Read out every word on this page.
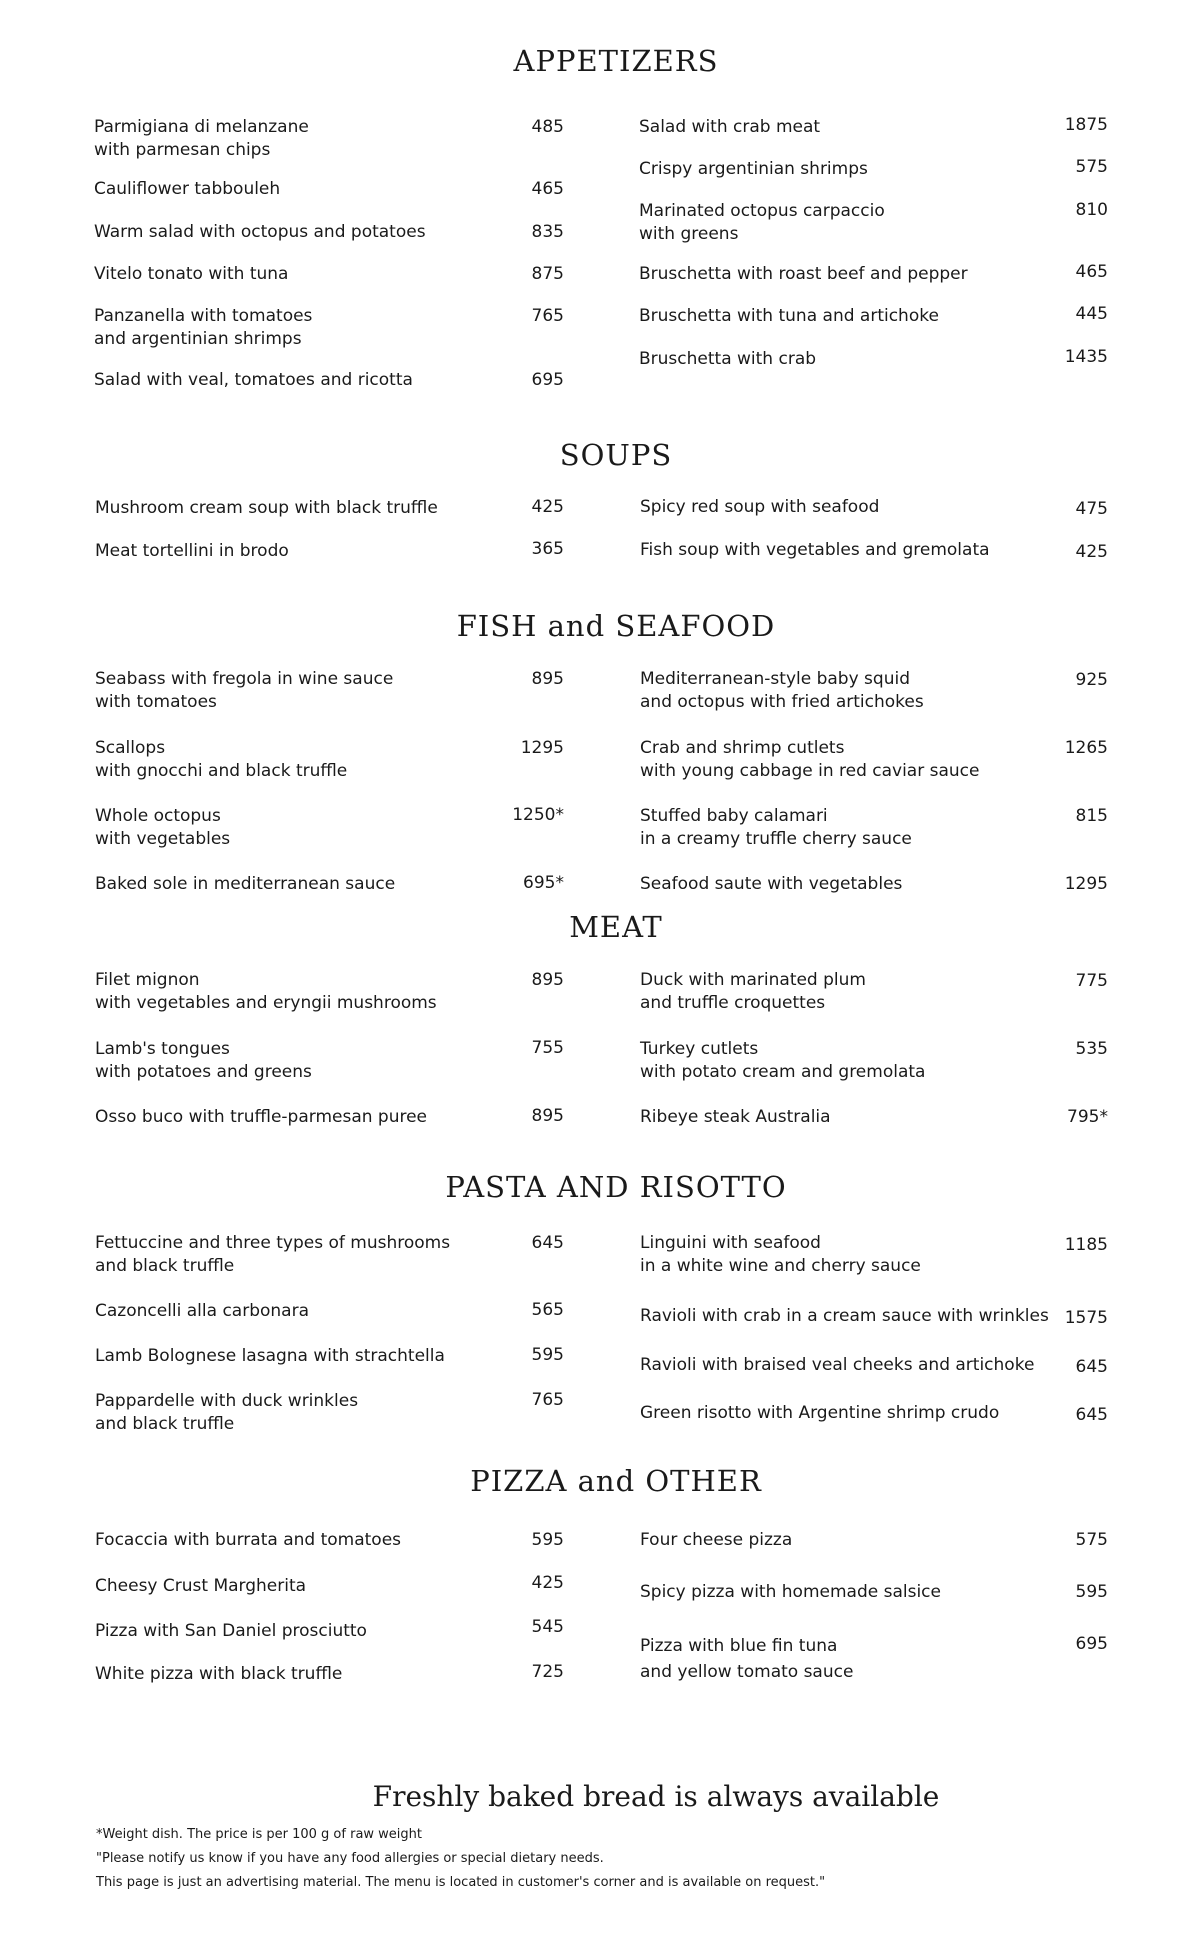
APPETIZERS
Parmigiana di melanzane
with parmesan chips
485
Cauliflower tabbouleh	465
Warm salad with octopus and potatoes	835
Vitelo tonato with tuna	875
Panzanella with tomatoes
and argentinian shrimps
765
Salad with veal, tomatoes and ricotta	695
Salad with crab meat	1875
Crispy argentinian shrimps	575
Marinated octopus carpaccio
with greens
810
Bruschetta with roast beef and pepper	465
Bruschetta with tuna and artichoke	445
Bruschetta with crab	1435
SOUPS
Mushroom cream soup with black truffle	425
Meat tortellini in brodo	365
Spicy red soup with seafood	475
Fish soup with vegetables and gremolata	425
FISH and SEAFOOD
Seabass with fregola in wine sauce
with tomatoes
895
Scallops
with gnocchi and black truffle
1295
Whole octopus
with vegetables
1250*
Baked sole in mediterranean sauce	695*
Mediterranean-style baby squid
and octopus with fried artichokes
925
Crab and shrimp cutlets
with young cabbage in red caviar sauce
1265
Stuffed baby calamari
in a creamy truffle cherry sauce
815
Seafood saute with vegetables	1295
MEAT
Filet mignon
with vegetables and eryngii mushrooms
895
Lamb's tongues
with potatoes and greens
755
Osso buco with truffle-parmesan puree	895
Duck with marinated plum
and truffle croquettes
775
Turkey cutlets
with potato cream and gremolata
535
Ribeye steak Australia	795*
PASTA AND RISOTTO
Fettuccine and three types of mushrooms
and black truffle
645
Cazoncelli alla carbonara	565
Lamb Bolognese lasagna with strachtella	595
Pappardelle with duck wrinkles
and black truffle
765
Linguini with seafood
in a white wine and cherry sauce
1185
Ravioli with crab in a cream sauce with wrinkles 1575
Ravioli with braised veal cheeks and artichoke	645
Green risotto with Argentine shrimp crudo	645
PIZZA and OTHER
Focaccia with burrata and tomatoes	595
Cheesy Crust Margherita	425
Pizza with San Daniel prosciutto	545
White pizza with black truffle	725
Four cheese pizza	575
Spicy pizza with homemade salsice	595
Pizza with blue fin tuna
and yellow tomato sauce
695
Freshly baked bread is always available
*Weight dish. The price is per 100 g of raw weight
"Please notify us know if you have any food allergies or special dietary needs.
This page is just an advertising material. The menu is located in customer's corner and is available on request."
